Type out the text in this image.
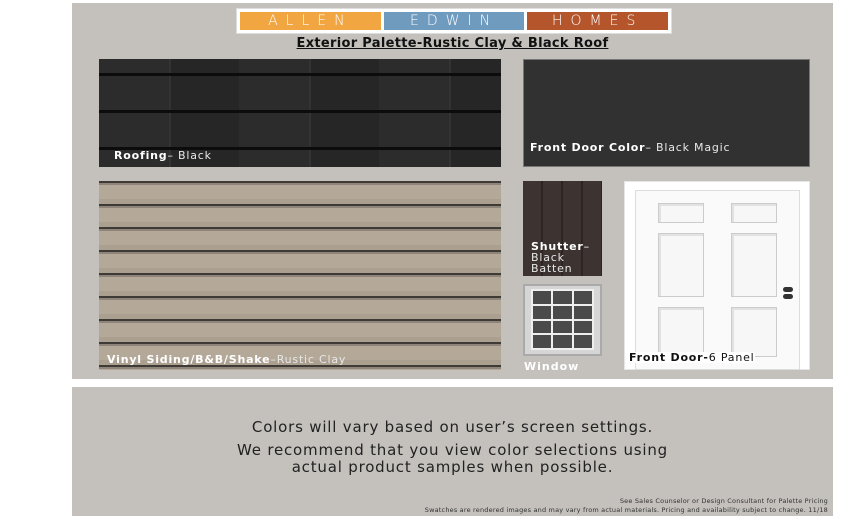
ALLEN	EDWIN	HOMES
Exterior Palette-Rustic Clay & Black Roof
Roofing– Black
Front Door Color– Black Magic
Vinyl Siding/B&B/Shake–Rustic Clay
Shutter–
Black
Batten
Window
Front Door-6 Panel
Colors will vary based on user’s screen settings.
We recommend that you view color selections using
actual product samples when possible.
See Sales Counselor or Design Consultant for Palette Pricing
Swatches are rendered images and may vary from actual materials. Pricing and availability subject to change. 11/18
